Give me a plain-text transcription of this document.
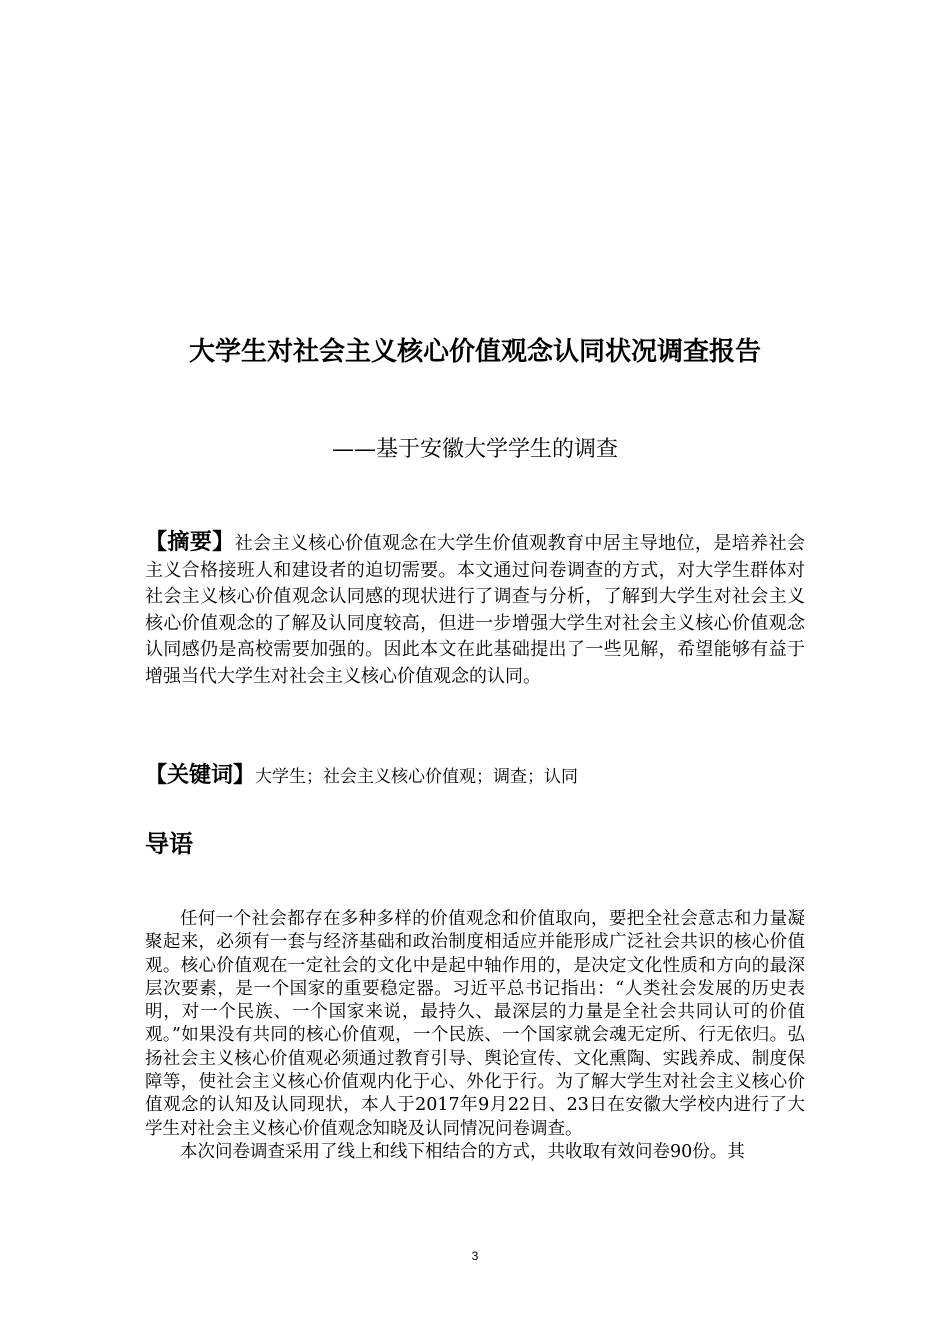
大学生对社会主义核心价值观念认同状况调查报告

——基于安徽大学学生的调查

【摘要】社会主义核心价值观念在大学生价值观教育中居主导地位，是培养社会主义合格接班人和建设者的迫切需要。本文通过问卷调查的方式，对大学生群体对社会主义核心价值观念认同感的现状进行了调查与分析，了解到大学生对社会主义核心价值观念的了解及认同度较高，但进一步增强大学生对社会主义核心价值观念认同感仍是高校需要加强的。因此本文在此基础提出了一些见解，希望能够有益于增强当代大学生对社会主义核心价值观念的认同。

【关键词】大学生；社会主义核心价值观；调查；认同

导语

任何一个社会都存在多种多样的价值观念和价值取向，要把全社会意志和力量凝聚起来，必须有一套与经济基础和政治制度相适应并能形成广泛社会共识的核心价值观。核心价值观在一定社会的文化中是起中轴作用的，是决定文化性质和方向的最深层次要素，是一个国家的重要稳定器。习近平总书记指出：“人类社会发展的历史表明，对一个民族、一个国家来说，最持久、最深层的力量是全社会共同认可的价值观。”如果没有共同的核心价值观，一个民族、一个国家就会魂无定所、行无依归。弘扬社会主义核心价值观必须通过教育引导、舆论宣传、文化熏陶、实践养成、制度保障等，使社会主义核心价值观内化于心、外化于行。为了解大学生对社会主义核心价值观念的认知及认同现状，本人于2017年9月22日、23日在安徽大学校内进行了大学生对社会主义核心价值观念知晓及认同情况问卷调查。

本次问卷调查采用了线上和线下相结合的方式，共收取有效问卷90份。其

3
